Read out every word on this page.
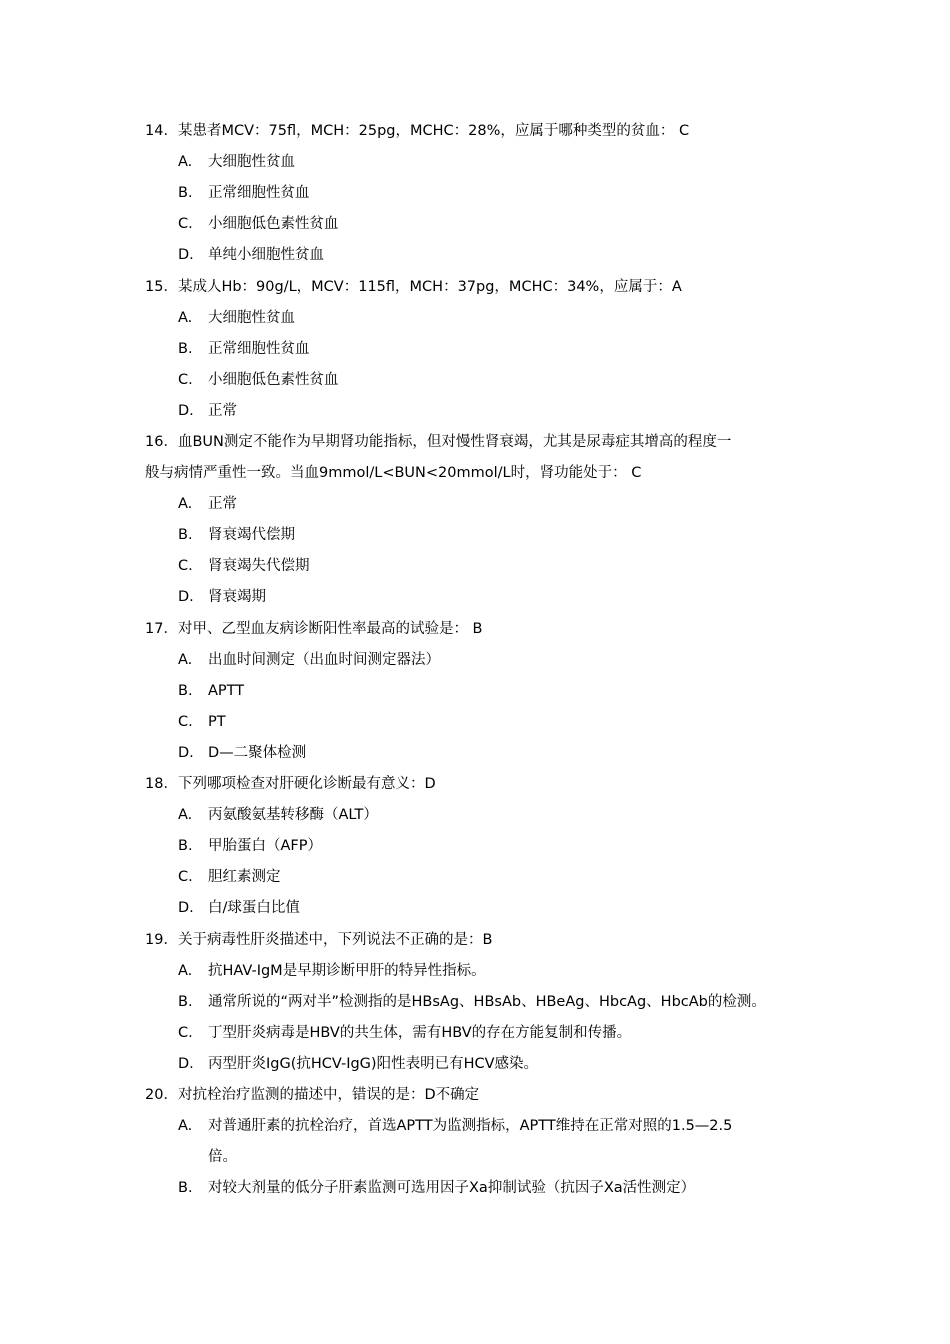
14．某患者MCV：75fl，MCH：25pg，MCHC：28%，应属于哪种类型的贫血： C
A. 大细胞性贫血
B. 正常细胞性贫血
C. 小细胞低色素性贫血
D. 单纯小细胞性贫血
15．某成人Hb：90g/L，MCV：115fl，MCH：37pg，MCHC：34%，应属于：A
A. 大细胞性贫血
B. 正常细胞性贫血
C. 小细胞低色素性贫血
D. 正常
16．血BUN测定不能作为早期肾功能指标，但对慢性肾衰竭，尤其是尿毒症其增高的程度一
般与病情严重性一致。当血9mmol/L<BUN<20mmol/L时，肾功能处于： C
A. 正常
B. 肾衰竭代偿期
C. 肾衰竭失代偿期
D. 肾衰竭期
17．对甲、乙型血友病诊断阳性率最高的试验是： B
A. 出血时间测定（出血时间测定器法）
B. APTT
C. PT
D. D—二聚体检测
18．下列哪项检查对肝硬化诊断最有意义：D
A. 丙氨酸氨基转移酶（ALT）
B. 甲胎蛋白（AFP）
C. 胆红素测定
D. 白/球蛋白比值
19．关于病毒性肝炎描述中，下列说法不正确的是：B
A. 抗HAV-IgM是早期诊断甲肝的特异性指标。
B. 通常所说的“两对半”检测指的是HBsAg、HBsAb、HBeAg、HbcAg、HbcAb的检测。
C. 丁型肝炎病毒是HBV的共生体，需有HBV的存在方能复制和传播。
D. 丙型肝炎IgG(抗HCV-IgG)阳性表明已有HCV感染。
20．对抗栓治疗监测的描述中，错误的是：D不确定
A. 对普通肝素的抗栓治疗，首选APTT为监测指标，APTT维持在正常对照的1.5—2.5
倍。
B. 对较大剂量的低分子肝素监测可选用因子Ⅹa抑制试验（抗因子Ⅹa活性测定）
